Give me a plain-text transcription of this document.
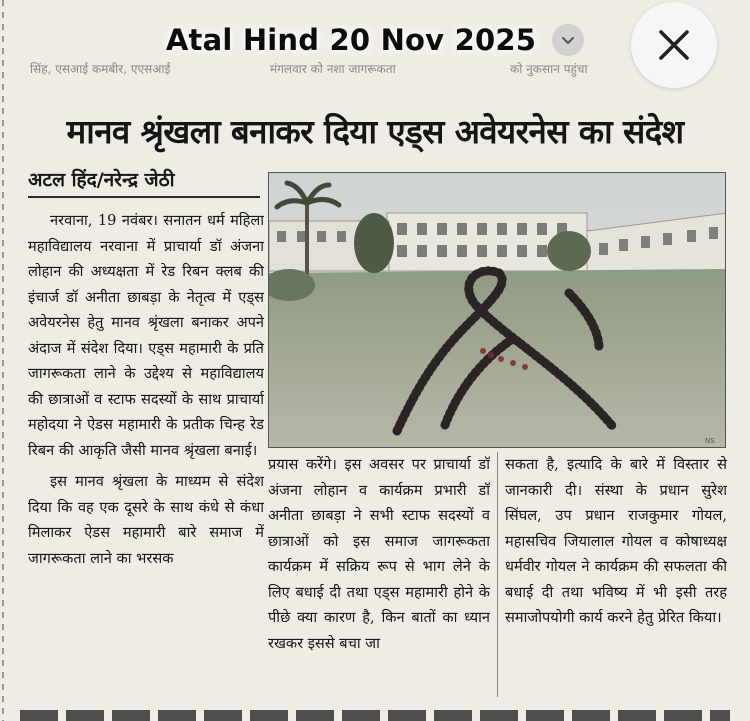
सिंह, एसआई कमबीर, एएसआई

	मंगलवार को नशा जागरूकता

	को नुकसान पहुंचा
Atal Hind 20 Nov 2025
मानव श्रृंखला बनाकर दिया एड्स अवेयरनेस का संदेश
अटल हिंद/नरेन्द्र जेठी

नरवाना, 19 नवंबर। सनातन धर्म महिला महाविद्यालय नरवाना में प्राचार्या डॉ अंजना लोहान की अध्यक्षता में रेड रिबन क्लब की इंचार्ज डॉ अनीता छाबड़ा के नेतृत्व में एड्स अवेयरनेस हेतु मानव श्रृंखला बनाकर अपने अंदाज में संदेश दिया। एड्स महामारी के प्रति जागरूकता लाने के उद्देश्य से महाविद्यालय की छात्राओं व स्टाफ सदस्यों के साथ प्राचार्या महोदया ने ऐडस महामारी के प्रतीक चिन्ह रेड रिबन की आकृति जैसी मानव श्रृंखला बनाई।

इस मानव श्रृंखला के माध्यम से संदेश दिया कि वह एक दूसरे के साथ कंधे से कंधा मिलाकर ऐडस महामारी बारे समाज में जागरूकता लाने का भरसक

NS
प्रयास करेंगे। इस अवसर पर प्राचार्या डॉ अंजना लोहान व कार्यक्रम प्रभारी डॉ अनीता छाबड़ा ने सभी स्टाफ सदस्यों व छात्राओं को इस समाज जागरूकता कार्यक्रम में सक्रिय रूप से भाग लेने के लिए बधाई दी तथा एड्स महामारी होने के पीछे क्या कारण है, किन बातों का ध्यान रखकर इससे बचा जा
सकता है, इत्यादि के बारे में विस्तार से जानकारी दी। संस्था के प्रधान सुरेश सिंघल, उप प्रधान राजकुमार गोयल, महासचिव जियालाल गोयल व कोषाध्यक्ष धर्मवीर गोयल ने कार्यक्रम की सफलता की बधाई दी तथा भविष्य में भी इसी तरह समाजोपयोगी कार्य करने हेतु प्रेरित किया।
